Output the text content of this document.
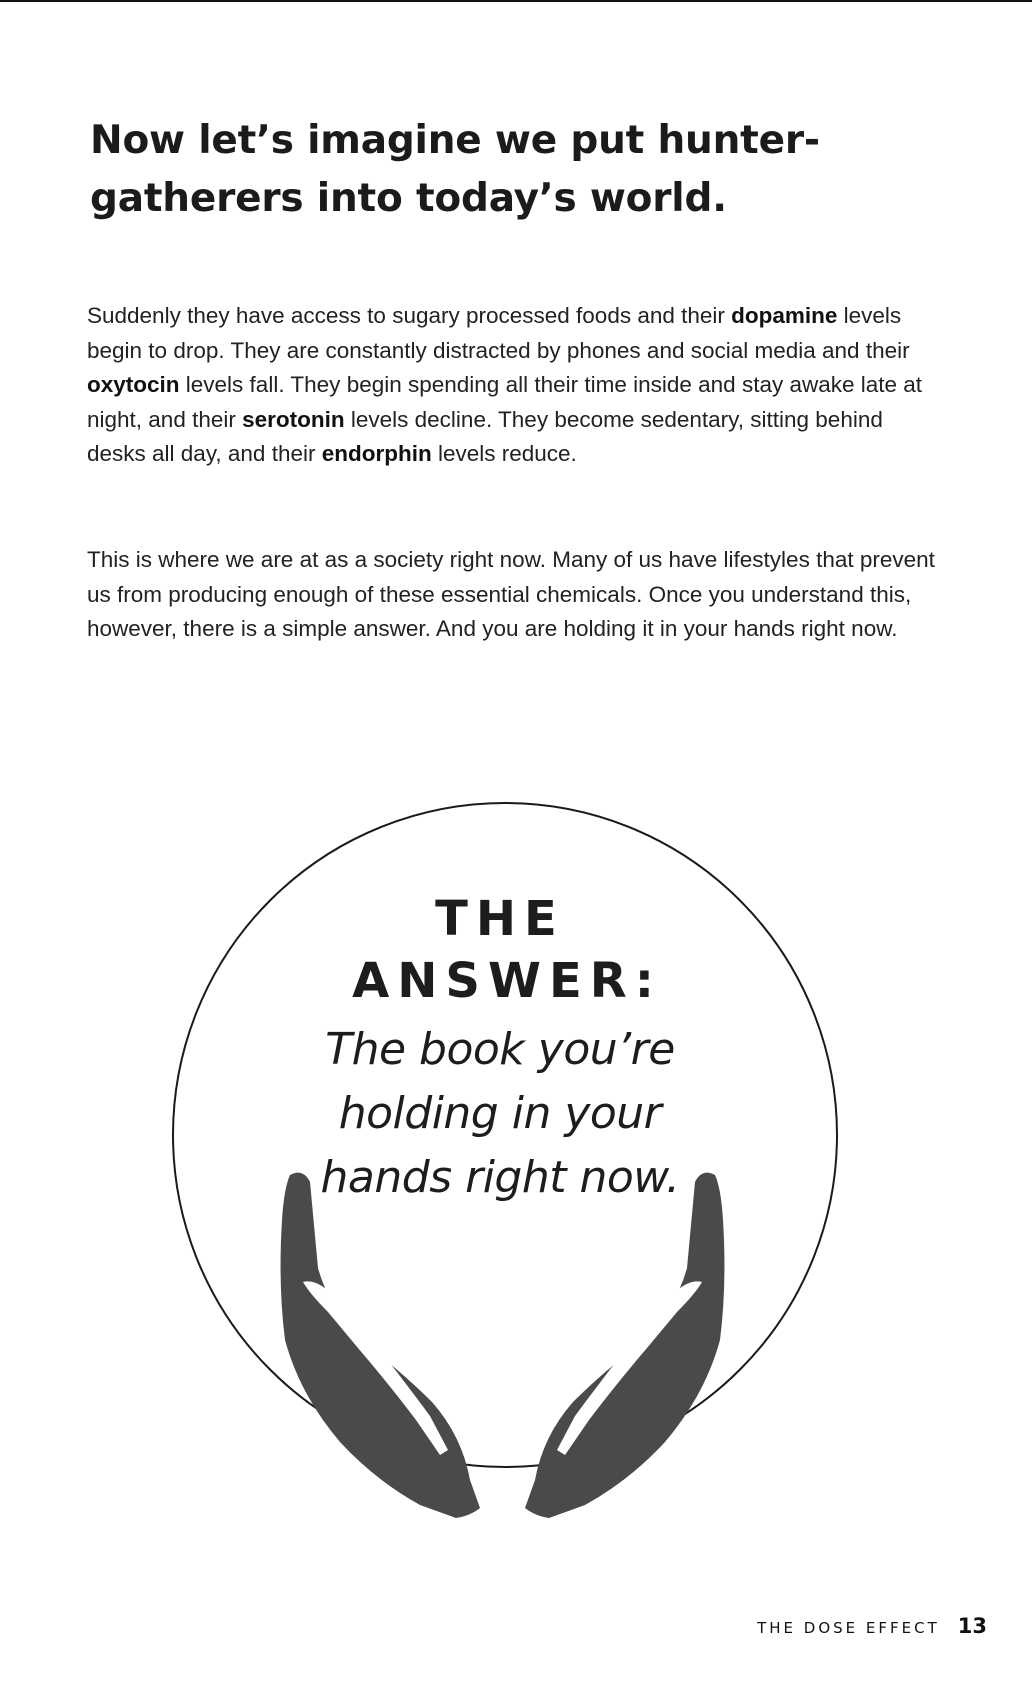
Now let’s imagine we put hunter-gatherers into today’s world.

Suddenly they have access to sugary processed foods and their dopamine levels begin to drop. They are constantly distracted by phones and social media and their oxytocin levels fall. They begin spending all their time inside and stay awake late at night, and their serotonin levels decline. They become sedentary, sitting behind desks all day, and their endorphin levels reduce.

This is where we are at as a society right now. Many of us have lifestyles that prevent us from producing enough of these essential chemicals. Once you understand this, however, there is a simple answer. And you are holding it in your hands right now.

THE
ANSWER:
The book you’re holding in your hands right now.
THE DOSE EFFECT 13
